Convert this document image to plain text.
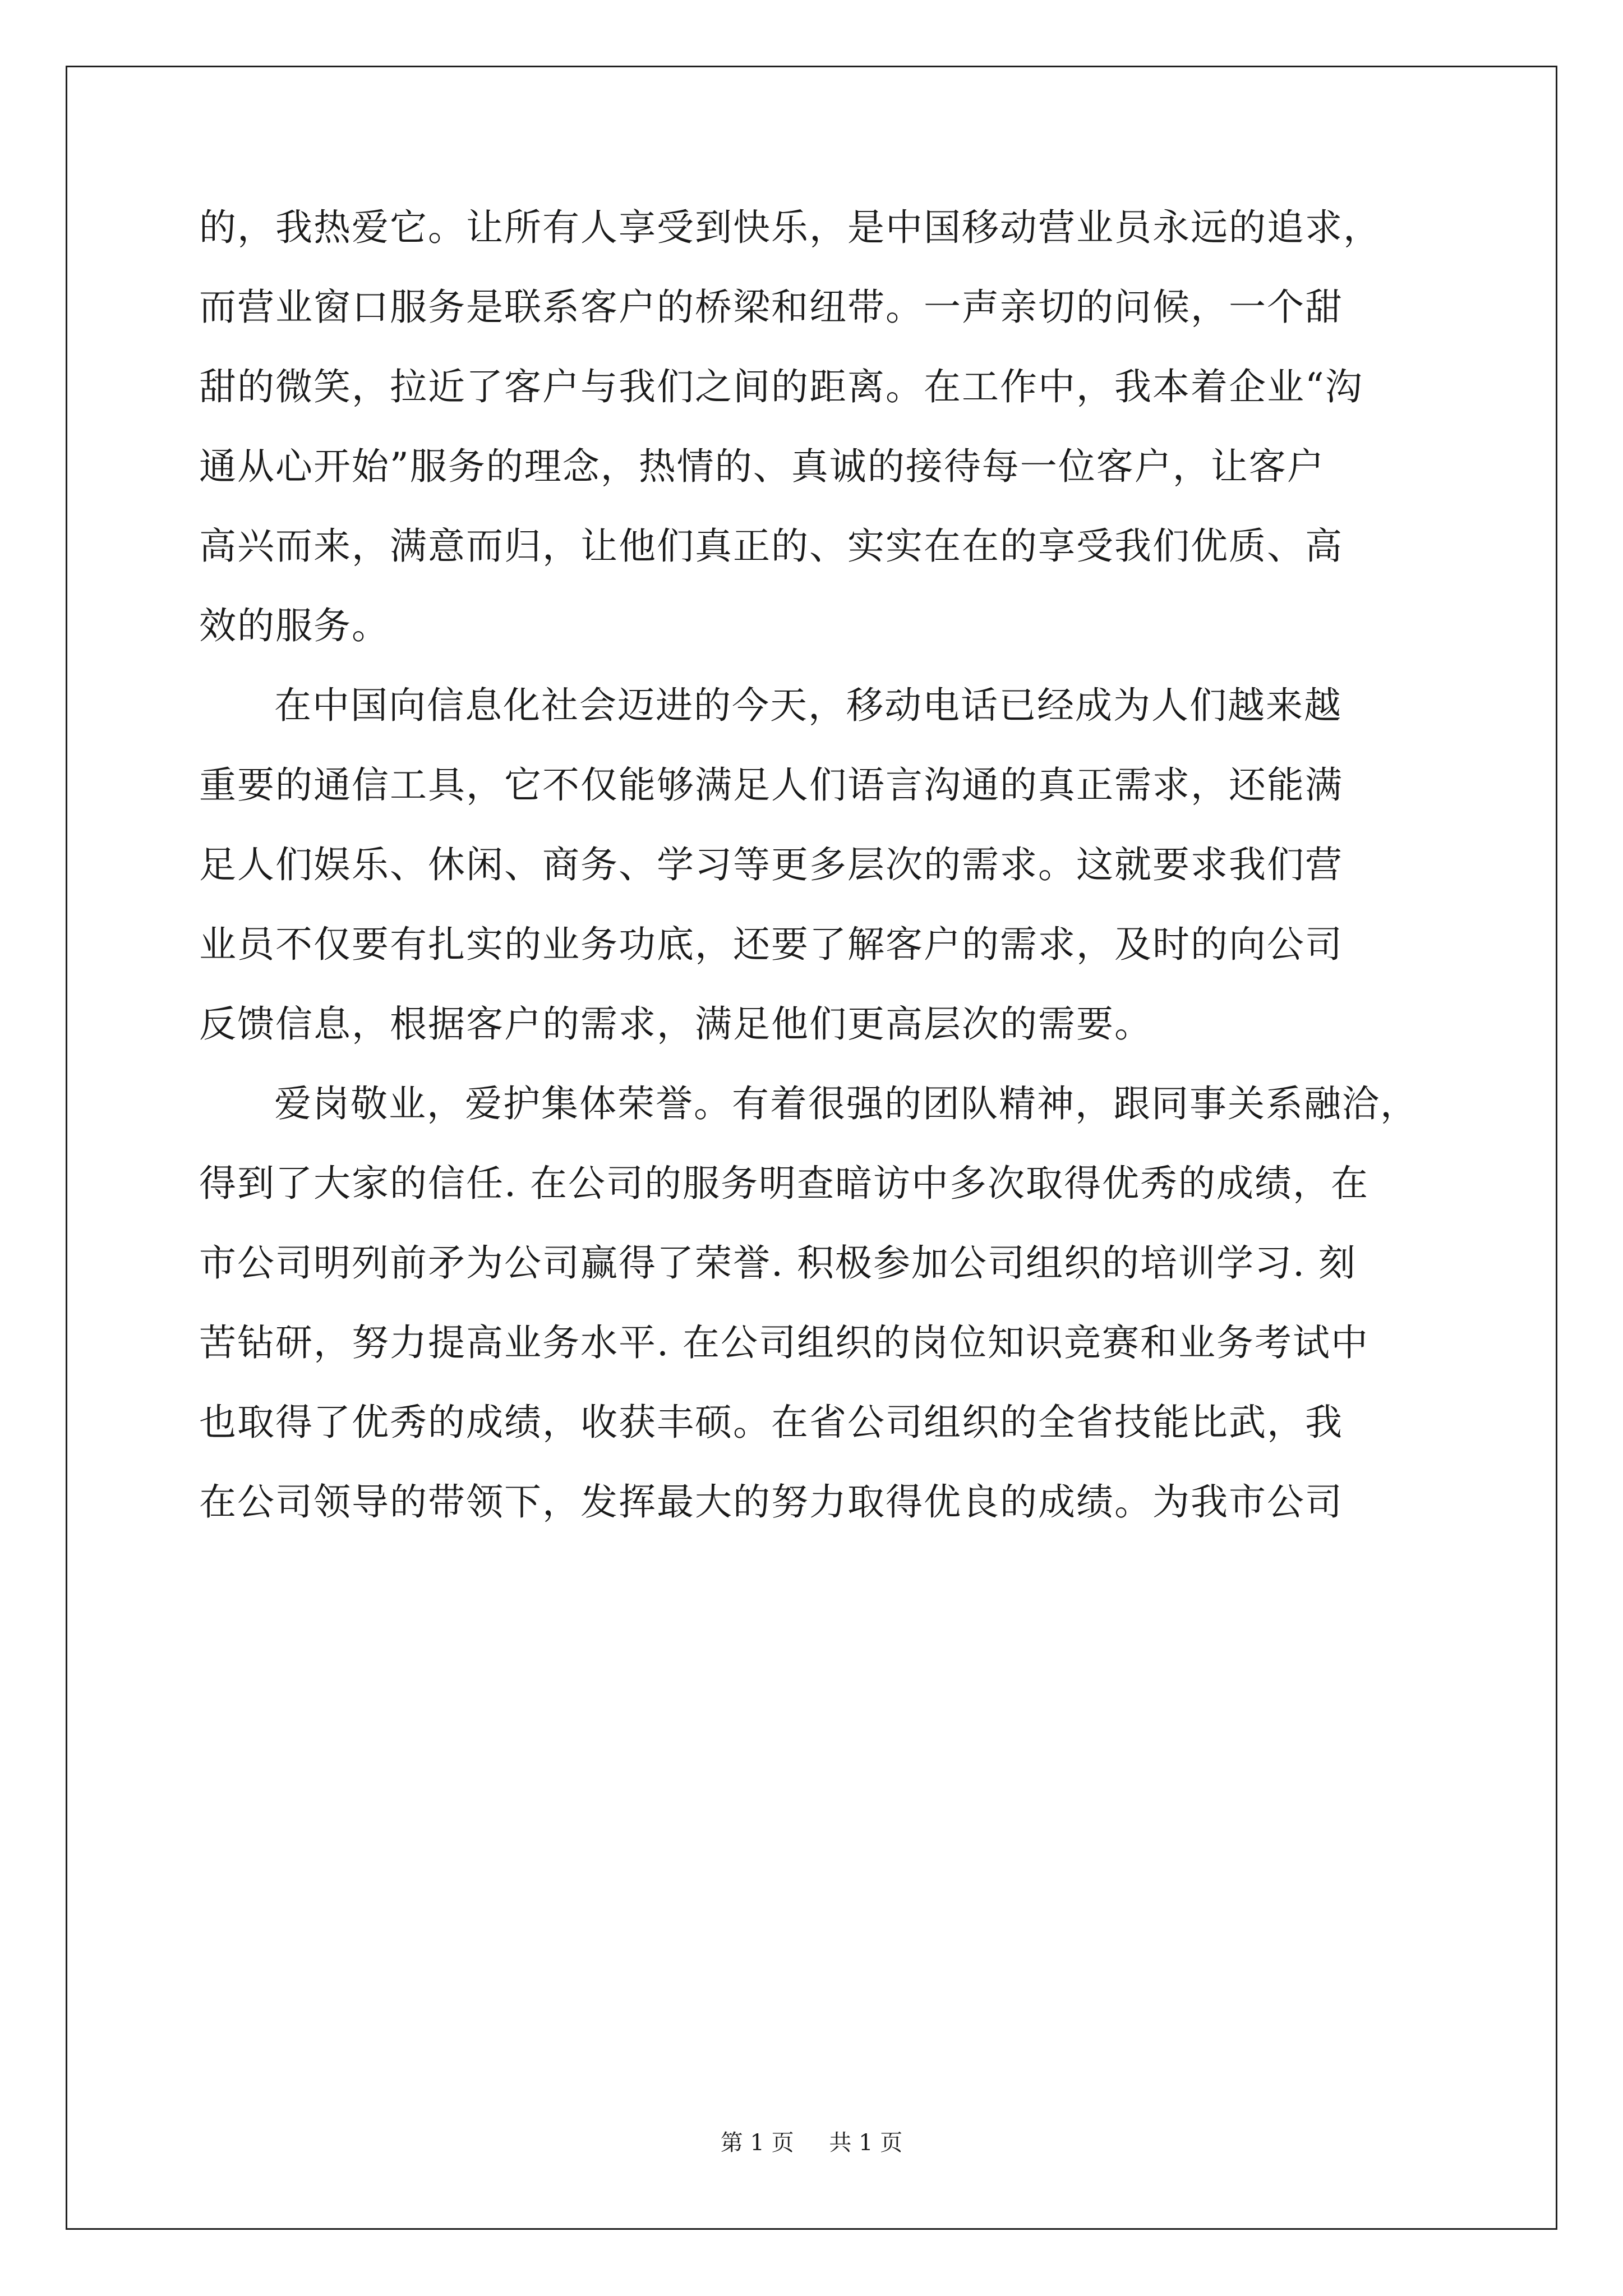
的，我热爱它。让所有人享受到快乐，是中国移动营业员永远的追求，
而营业窗口服务是联系客户的桥梁和纽带。一声亲切的问候，一个甜
甜的微笑，拉近了客户与我们之间的距离。在工作中，我本着企业“沟
通从心开始”服务的理念，热情的、真诚的接待每一位客户，让客户
高兴而来，满意而归，让他们真正的、实实在在的享受我们优质、高
效的服务。
在中国向信息化社会迈进的今天，移动电话已经成为人们越来越
重要的通信工具，它不仅能够满足人们语言沟通的真正需求，还能满
足人们娱乐、休闲、商务、学习等更多层次的需求。这就要求我们营
业员不仅要有扎实的业务功底，还要了解客户的需求，及时的向公司
反馈信息，根据客户的需求，满足他们更高层次的需要。
爱岗敬业，爱护集体荣誉。有着很强的团队精神，跟同事关系融洽，
得到了大家的信任. 在公司的服务明查暗访中多次取得优秀的成绩，在
市公司明列前矛为公司赢得了荣誉. 积极参加公司组织的培训学习. 刻
苦钻研，努力提高业务水平. 在公司组织的岗位知识竞赛和业务考试中
也取得了优秀的成绩，收获丰硕。在省公司组织的全省技能比武，我
在公司领导的带领下，发挥最大的努力取得优良的成绩。为我市公司
第 1 页 共 1 页
